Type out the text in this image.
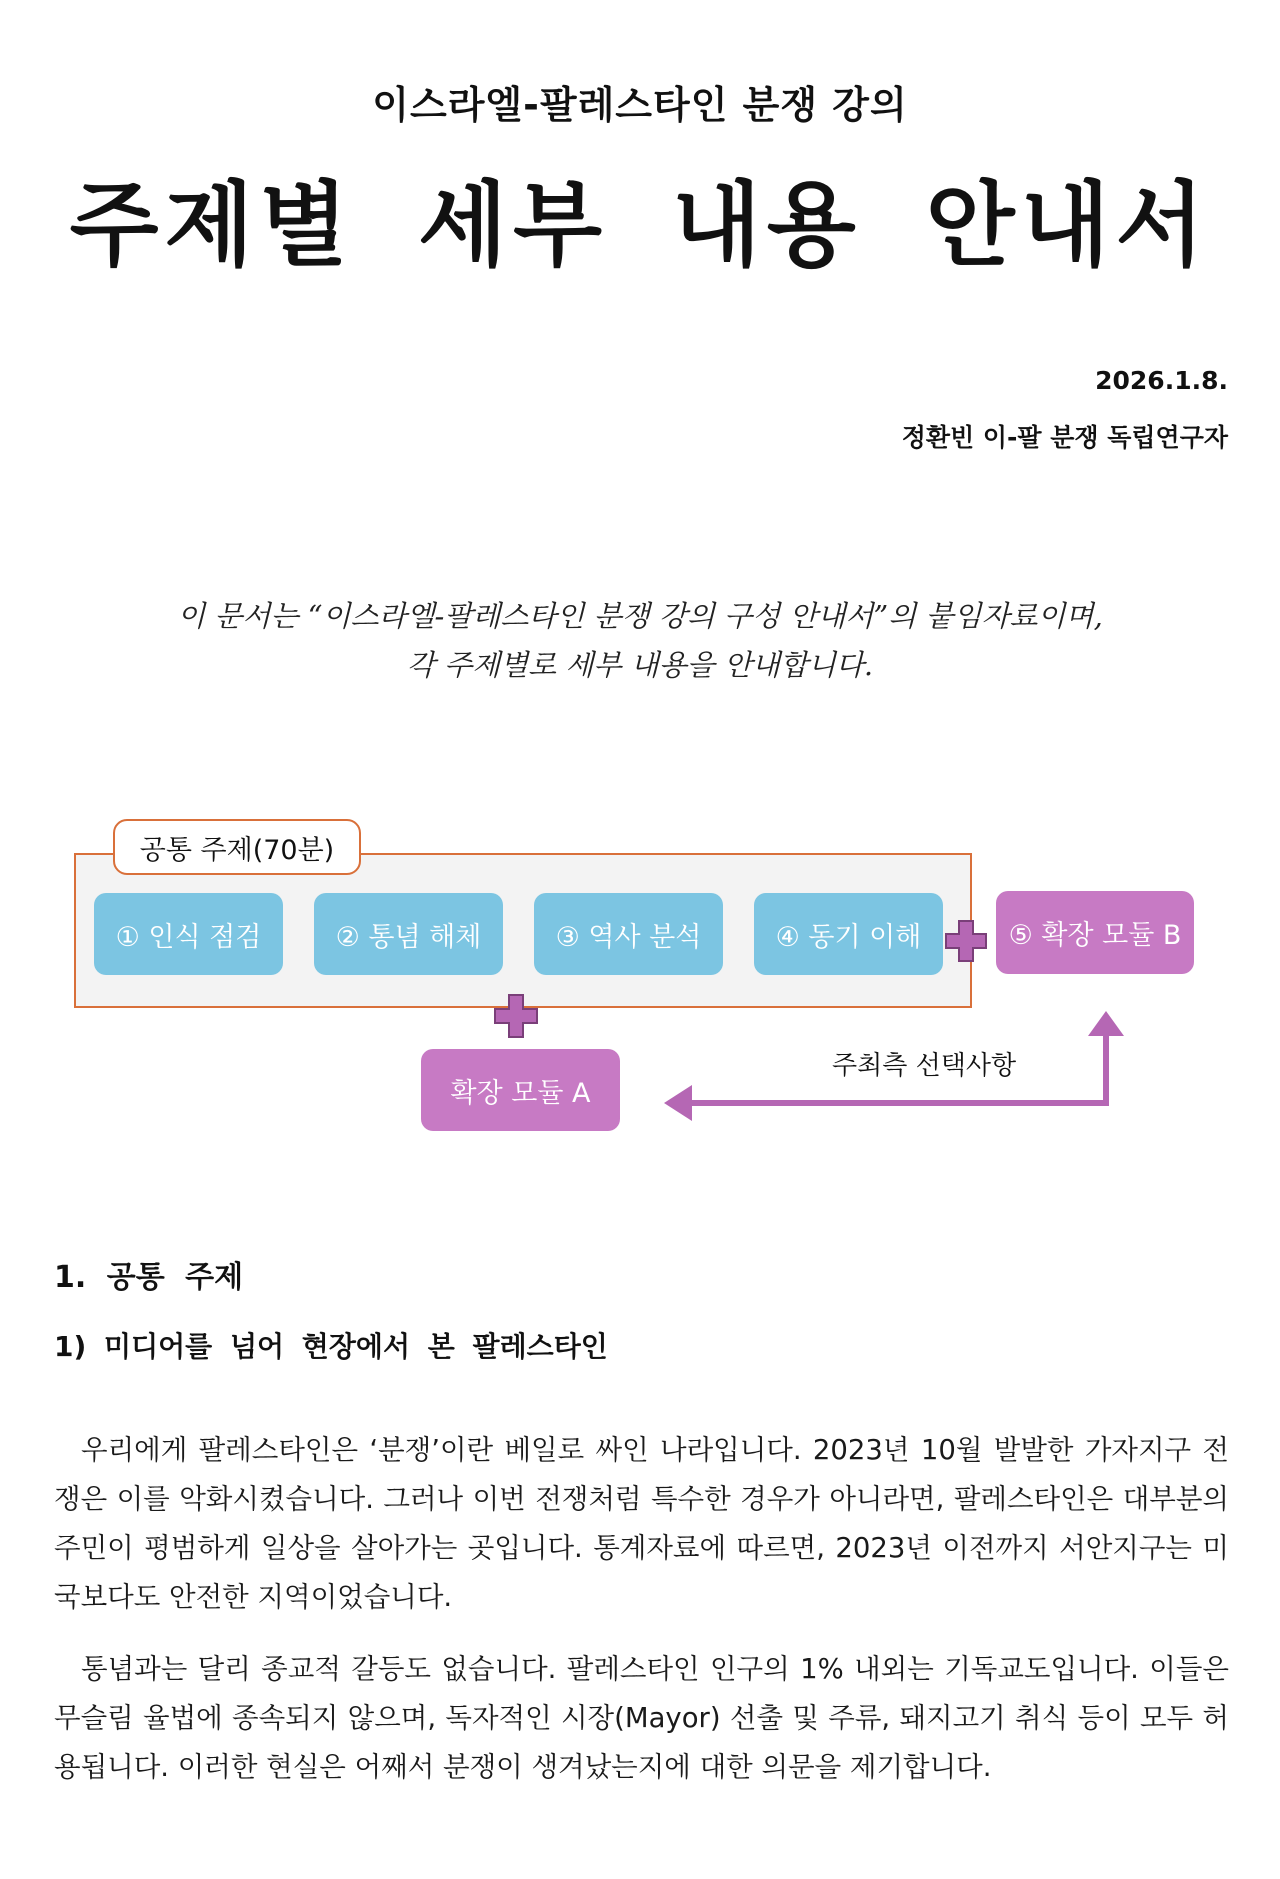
이스라엘-팔레스타인 분쟁 강의
주제별 세부 내용 안내서
2026.1.8.
정환빈 이-팔 분쟁 독립연구자
이 문서는 “이스라엘-팔레스타인 분쟁 강의 구성 안내서”의 붙임자료이며,
각 주제별로 세부 내용을 안내합니다.
공통 주제(70분)
① 인식 점검	② 통념 해체	③ 역사 분석	④ 동기 이해	⑤ 확장 모듈 B
확장 모듈 A
주최측 선택사항
1. 공통 주제
1) 미디어를 넘어 현장에서 본 팔레스타인

우리에게 팔레스타인은 ‘분쟁’이란 베일로 싸인 나라입니다. 2023년 10월 발발한 가자지구 전쟁은 이를 악화시켰습니다. 그러나 이번 전쟁처럼 특수한 경우가 아니라면, 팔레스타인은 대부분의 주민이 평범하게 일상을 살아가는 곳입니다. 통계자료에 따르면, 2023년 이전까지 서안지구는 미국보다도 안전한 지역이었습니다.

통념과는 달리 종교적 갈등도 없습니다. 팔레스타인 인구의 1% 내외는 기독교도입니다. 이들은 무슬림 율법에 종속되지 않으며, 독자적인 시장(Mayor) 선출 및 주류, 돼지고기 취식 등이 모두 허용됩니다. 이러한 현실은 어째서 분쟁이 생겨났는지에 대한 의문을 제기합니다.
